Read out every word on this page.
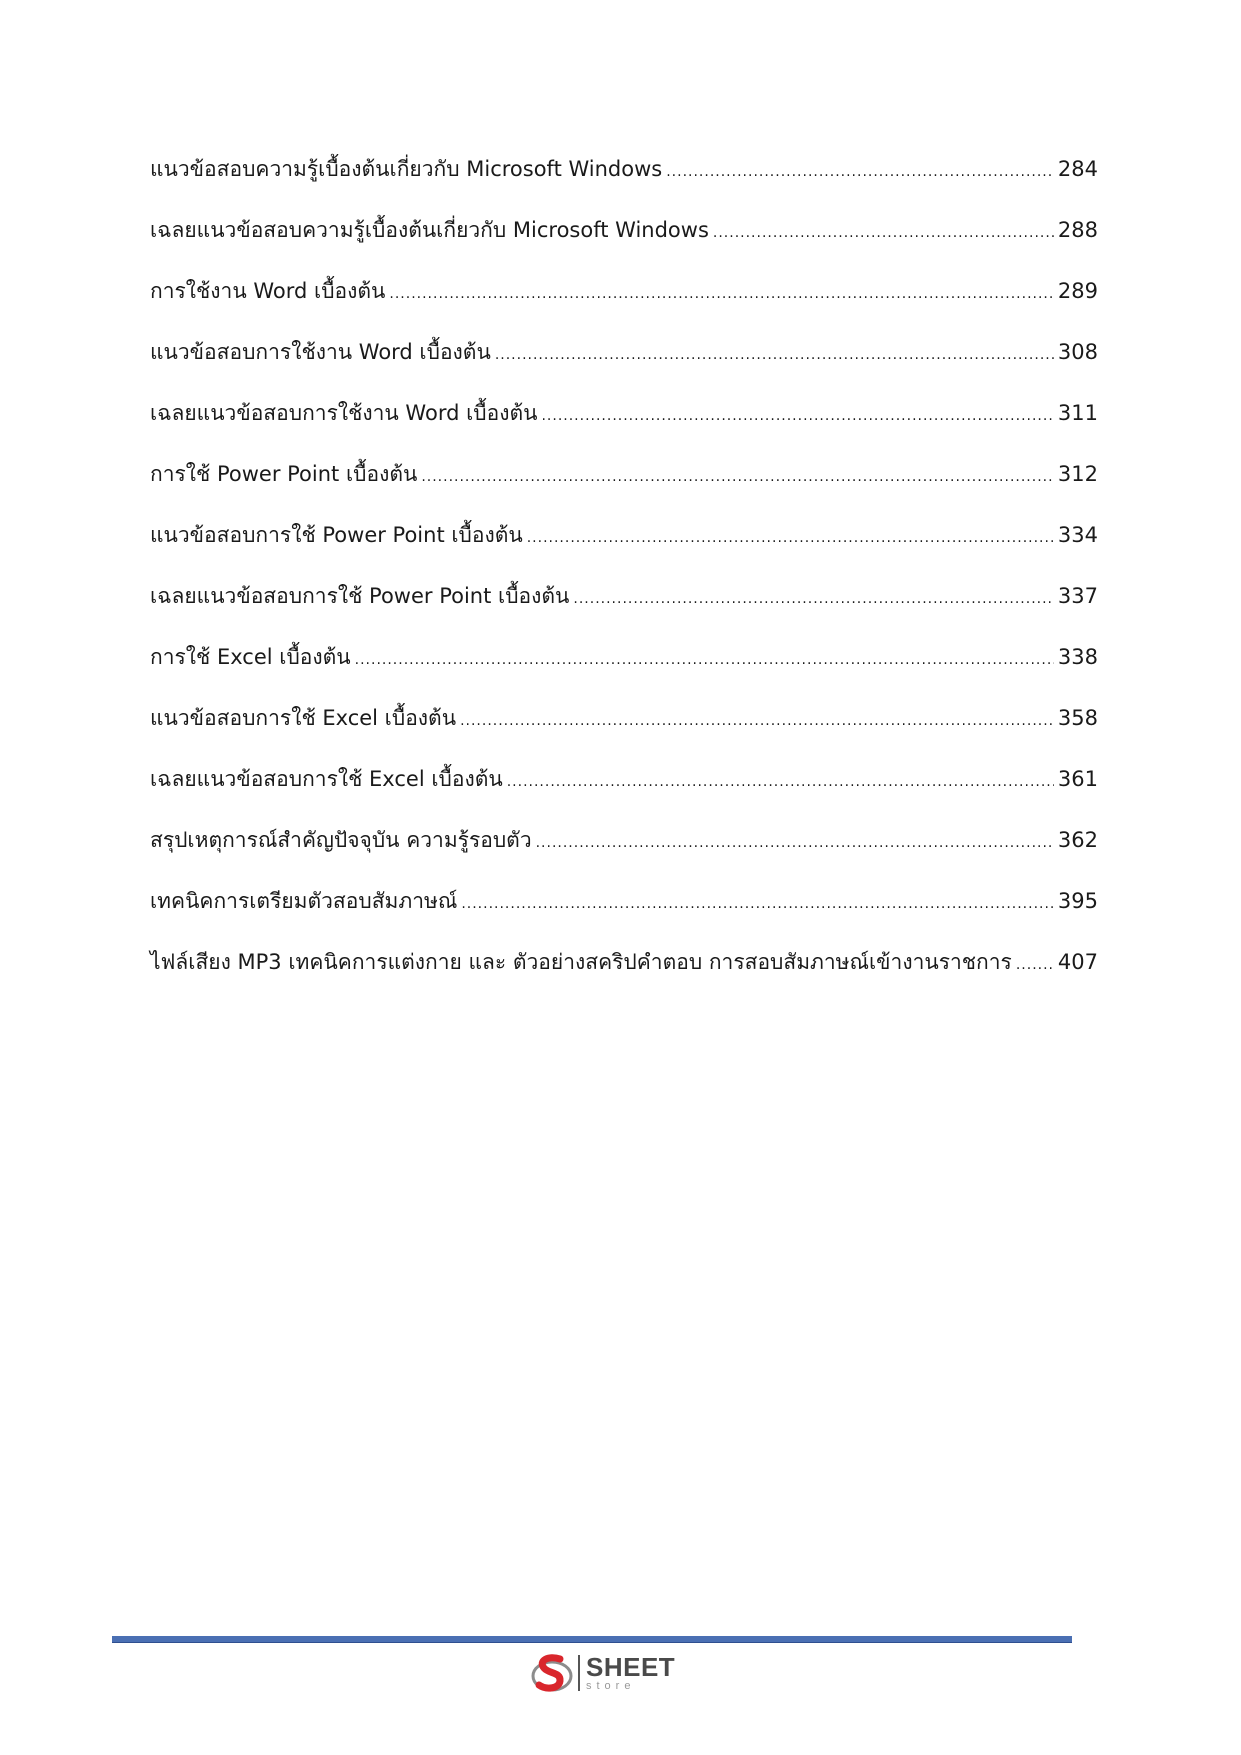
แนวข้อสอบความรู้เบื้องต้นเกี่ยวกับ Microsoft Windows .....	284
เฉลยแนวข้อสอบความรู้เบื้องต้นเกี่ยวกับ Microsoft Windows .....	288
การใช้งาน Word เบื้องต้น .....	289
แนวข้อสอบการใช้งาน Word เบื้องต้น .....	308
เฉลยแนวข้อสอบการใช้งาน Word เบื้องต้น .....	311
การใช้ Power Point เบื้องต้น .....	312
แนวข้อสอบการใช้ Power Point เบื้องต้น .....	334
เฉลยแนวข้อสอบการใช้ Power Point เบื้องต้น .....	337
การใช้ Excel เบื้องต้น .....	338
แนวข้อสอบการใช้ Excel เบื้องต้น .....	358
เฉลยแนวข้อสอบการใช้ Excel เบื้องต้น .....	361
สรุปเหตุการณ์สำคัญปัจจุบัน ความรู้รอบตัว .....	362
เทคนิคการเตรียมตัวสอบสัมภาษณ์ .....	395
ไฟล์เสียง MP3 เทคนิคการแต่งกาย และ ตัวอย่างสคริปคำตอบ การสอบสัมภาษณ์เข้างานราชการ ..... 407
SHEET
store
